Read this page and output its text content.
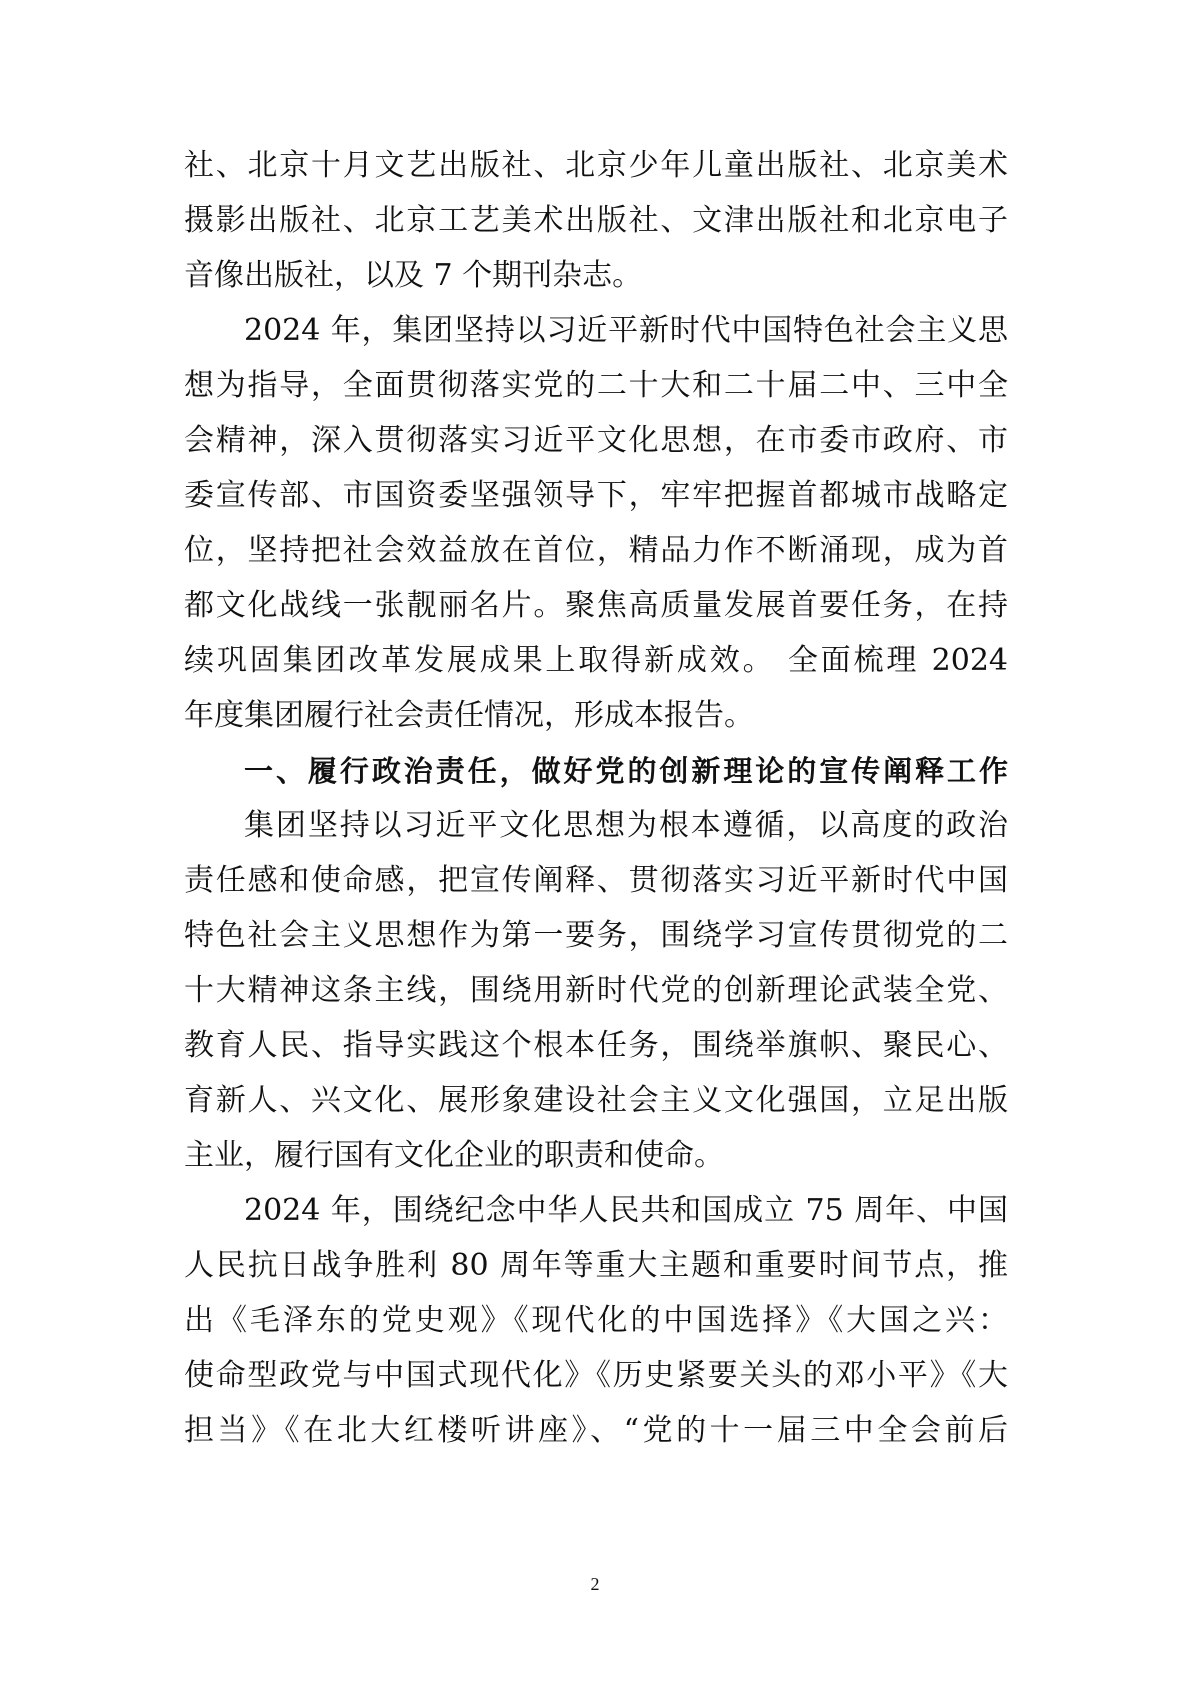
社、北京十月文艺出版社、北京少年儿童出版社、北京美术
摄影出版社、北京工艺美术出版社、文津出版社和北京电子
音像出版社，以及 7 个期刊杂志。
2024 年，集团坚持以习近平新时代中国特色社会主义思
想为指导，全面贯彻落实党的二十大和二十届二中、三中全
会精神，深入贯彻落实习近平文化思想，在市委市政府、市
委宣传部、市国资委坚强领导下，牢牢把握首都城市战略定
位，坚持把社会效益放在首位，精品力作不断涌现，成为首
都文化战线一张靓丽名片。聚焦高质量发展首要任务，在持
续巩固集团改革发展成果上取得新成效。 全面梳理 2024
年度集团履行社会责任情况，形成本报告。
一、履行政治责任，做好党的创新理论的宣传阐释工作
集团坚持以习近平文化思想为根本遵循，以高度的政治
责任感和使命感，把宣传阐释、贯彻落实习近平新时代中国
特色社会主义思想作为第一要务，围绕学习宣传贯彻党的二
十大精神这条主线，围绕用新时代党的创新理论武装全党、
教育人民、指导实践这个根本任务，围绕举旗帜、聚民心、
育新人、兴文化、展形象建设社会主义文化强国，立足出版
主业，履行国有文化企业的职责和使命。
2024 年，围绕纪念中华人民共和国成立 75 周年、中国
人民抗日战争胜利 80 周年等重大主题和重要时间节点，推
出《毛泽东的党史观》《现代化的中国选择》《大国之兴：
使命型政党与中国式现代化》《历史紧要关头的邓小平》《大
担当》《在北大红楼听讲座》、“党的十一届三中全会前后
2
